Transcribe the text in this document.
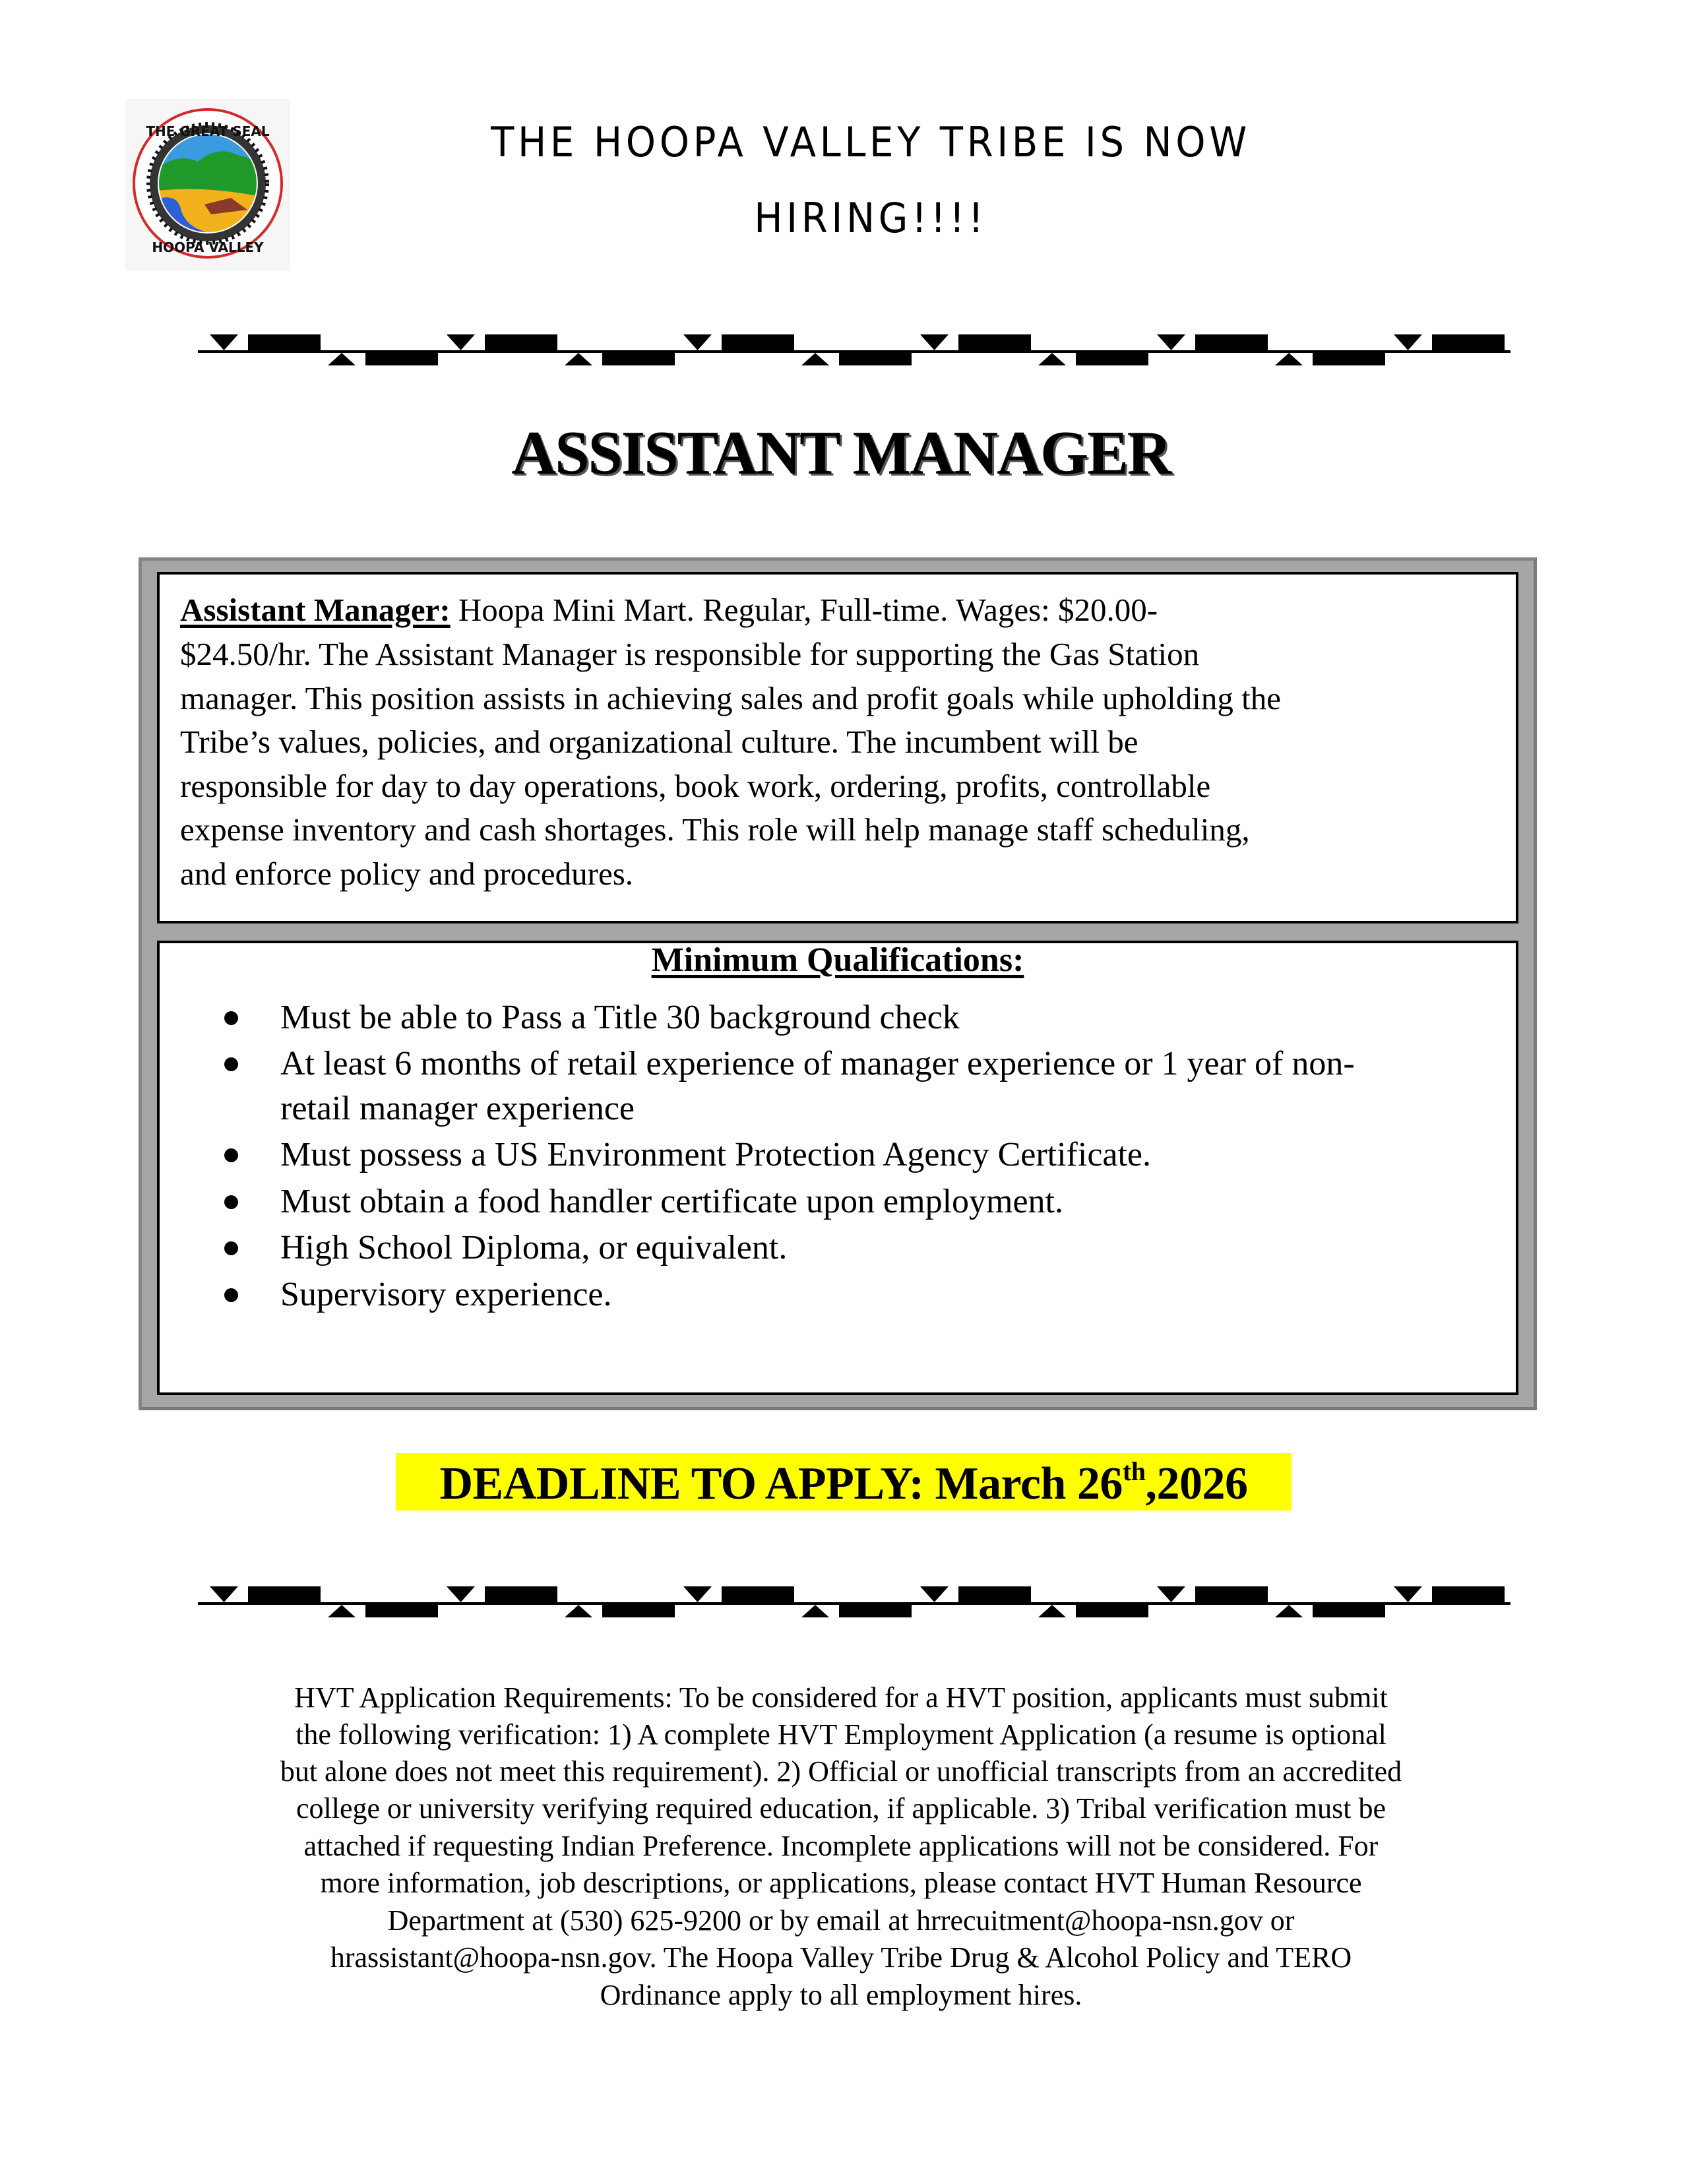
THE GREAT SEAL
HOOPA VALLEY
THE HOOPA VALLEY TRIBE IS NOW
HIRING!!!!
ASSISTANT MANAGER
Assistant Manager: Hoopa Mini Mart. Regular, Full-time. Wages: $20.00-
$24.50/hr. The Assistant Manager is responsible for supporting the Gas Station
manager. This position assists in achieving sales and profit goals while upholding the
Tribe’s values, policies, and organizational culture. The incumbent will be
responsible for day to day operations, book work, ordering, profits, controllable
expense inventory and cash shortages. This role will help manage staff scheduling,
and enforce policy and procedures.
Minimum Qualifications:
Must be able to Pass a Title 30 background check
At least 6 months of retail experience of manager experience or 1 year of non-
retail manager experience
Must possess a US Environment Protection Agency Certificate.
Must obtain a food handler certificate upon employment.
High School Diploma, or equivalent.
Supervisory experience.
DEADLINE TO APPLY: March 26th,2026
HVT Application Requirements: To be considered for a HVT position, applicants must submit
the following verification: 1) A complete HVT Employment Application (a resume is optional
but alone does not meet this requirement). 2) Official or unofficial transcripts from an accredited
college or university verifying required education, if applicable. 3) Tribal verification must be
attached if requesting Indian Preference. Incomplete applications will not be considered. For
more information, job descriptions, or applications, please contact HVT Human Resource
Department at (530) 625-9200 or by email at hrrecuitment@hoopa-nsn.gov or
hrassistant@hoopa-nsn.gov. The Hoopa Valley Tribe Drug & Alcohol Policy and TERO
Ordinance apply to all employment hires.
